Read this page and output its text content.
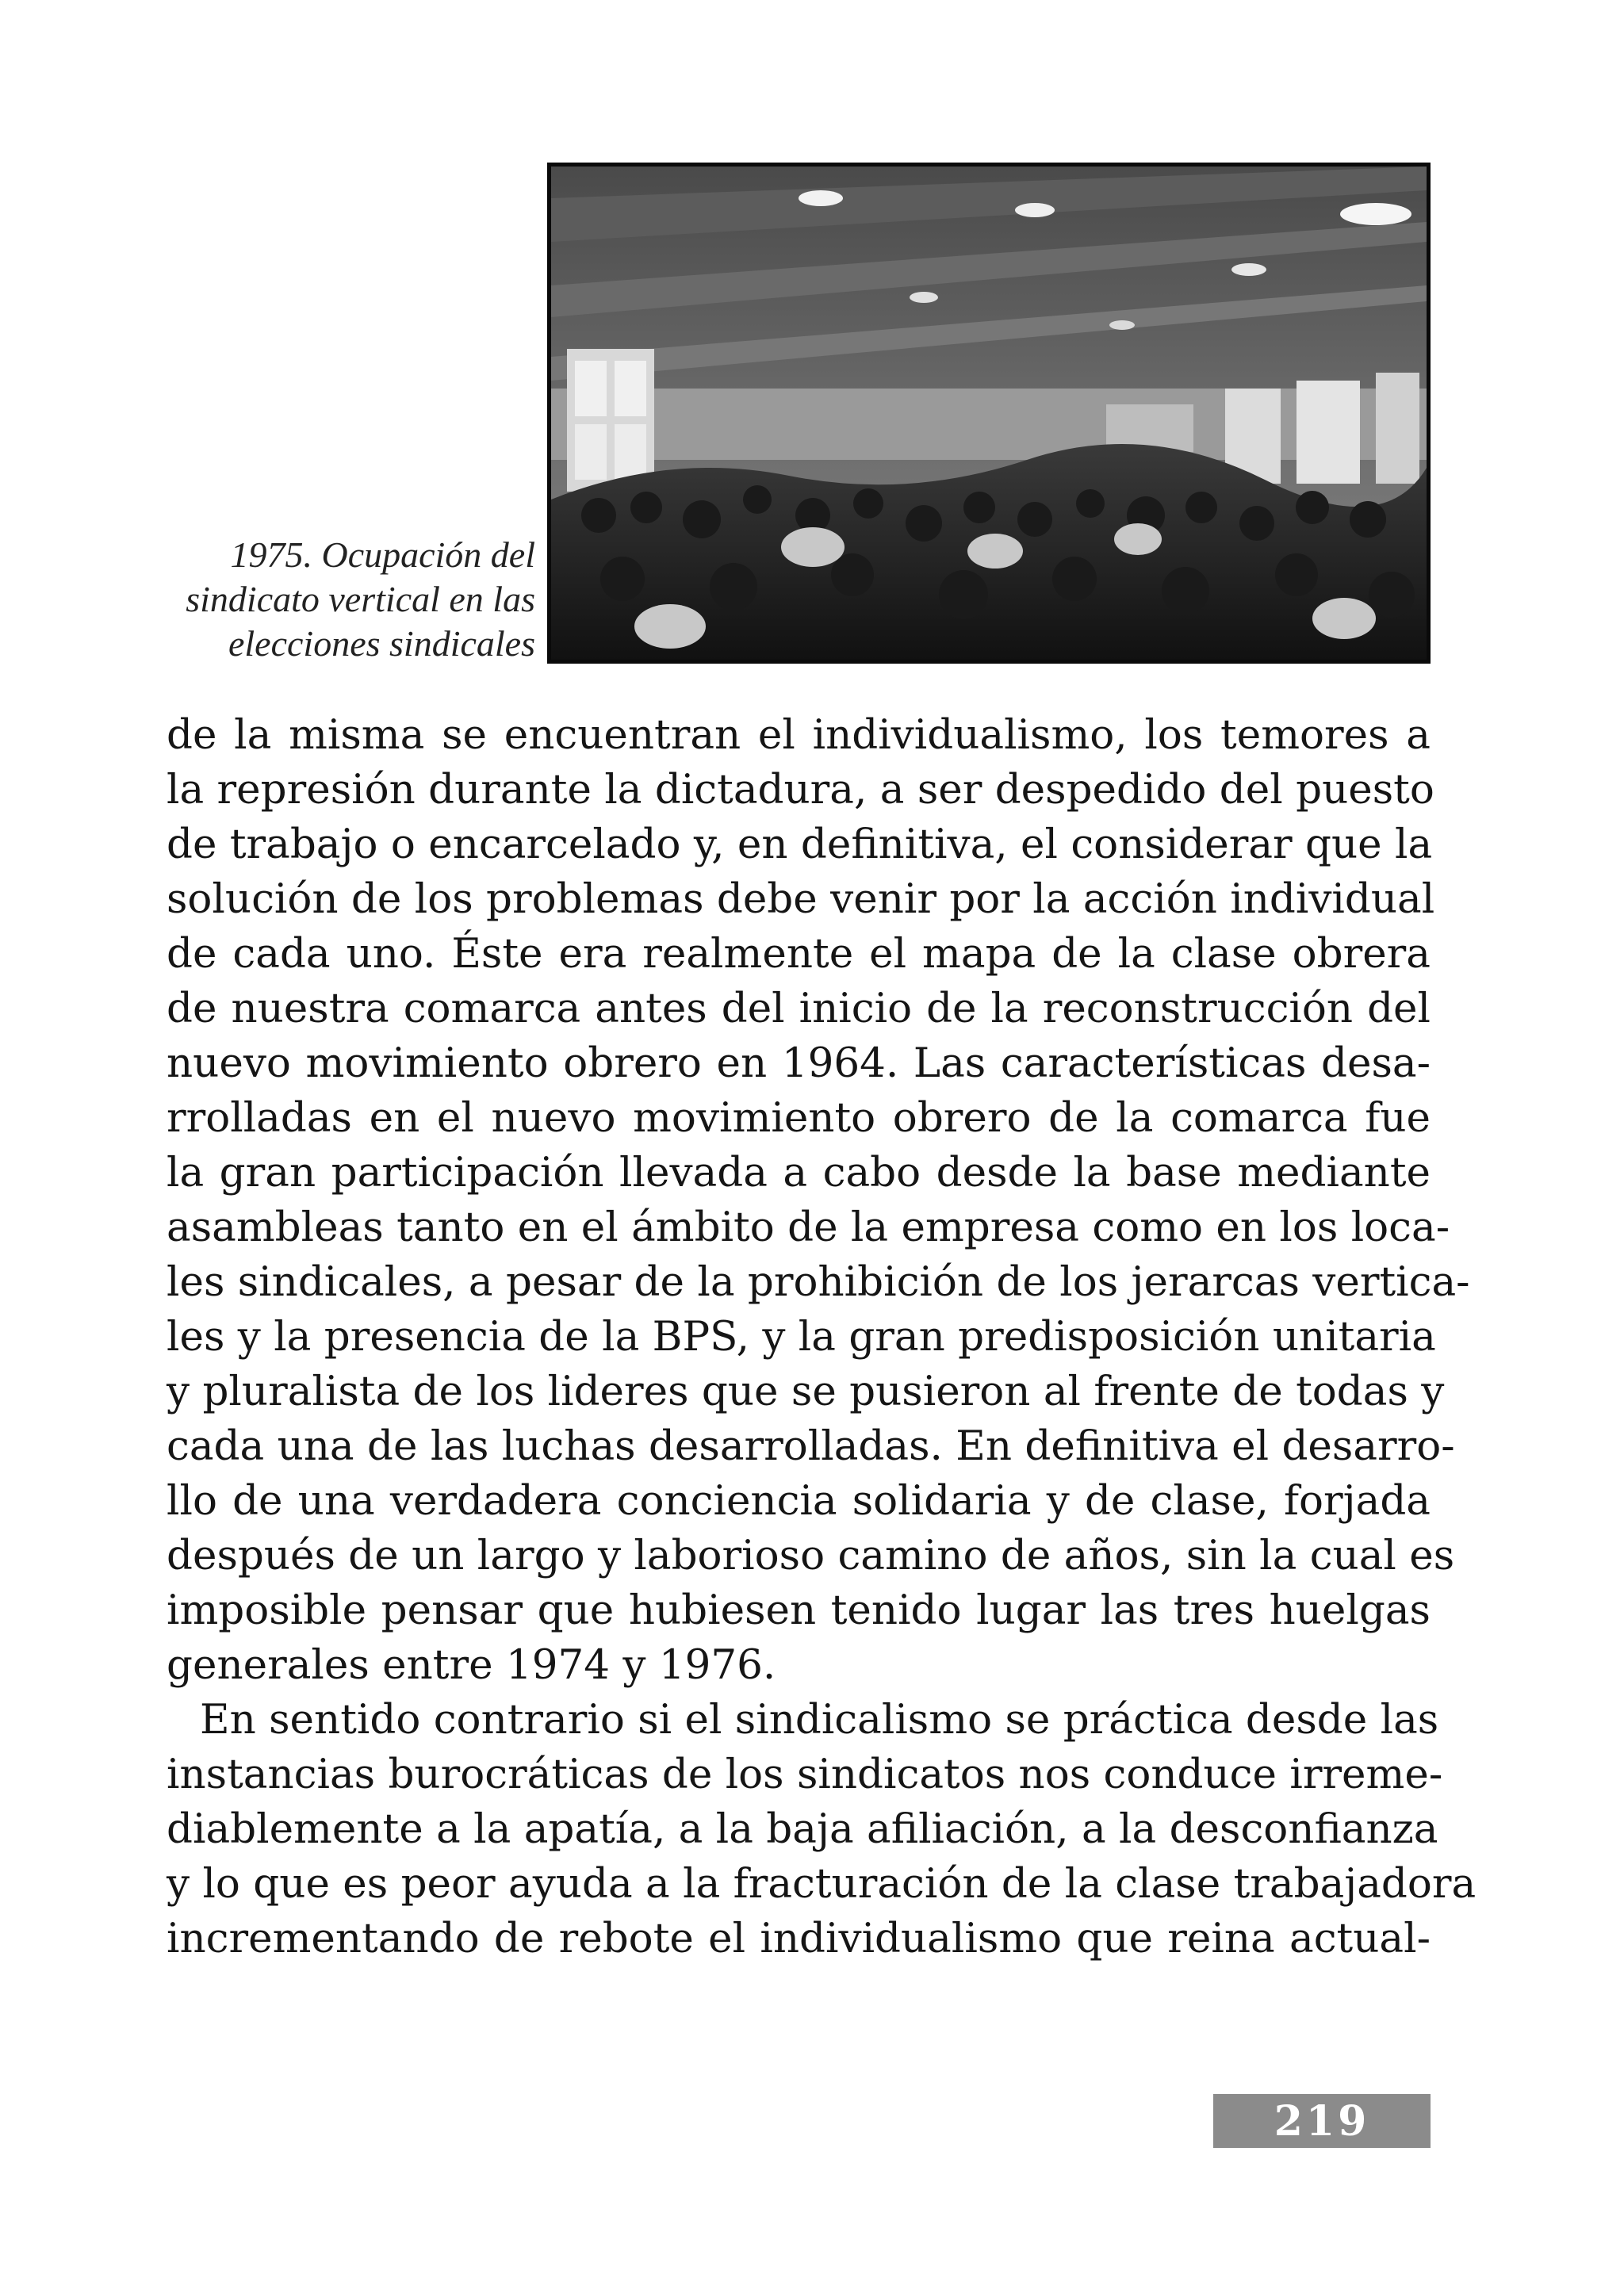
1975. Ocupación del
sindicato vertical en las
elecciones sindicales
de la misma se encuentran el individualismo, los temores a
la represión durante la dictadura, a ser despedido del puesto
de trabajo o encarcelado y, en definitiva, el considerar que la
solución de los problemas debe venir por la acción individual
de cada uno. Éste era realmente el mapa de la clase obrera
de nuestra comarca antes del inicio de la reconstrucción del
nuevo movimiento obrero en 1964. Las características desa-
rrolladas en el nuevo movimiento obrero de la comarca fue
la gran participación llevada a cabo desde la base mediante
asambleas tanto en el ámbito de la empresa como en los loca-
les sindicales, a pesar de la prohibición de los jerarcas vertica-
les y la presencia de la BPS, y la gran predisposición unitaria
y pluralista de los lideres que se pusieron al frente de todas y
cada una de las luchas desarrolladas. En definitiva el desarro-
llo de una verdadera conciencia solidaria y de clase, forjada
después de un largo y laborioso camino de años, sin la cual es
imposible pensar que hubiesen tenido lugar las tres huelgas
generales entre 1974 y 1976.
En sentido contrario si el sindicalismo se práctica desde las
instancias burocráticas de los sindicatos nos conduce irreme-
diablemente a la apatía, a la baja afiliación, a la desconfianza
y lo que es peor ayuda a la fracturación de la clase trabajadora
incrementando de rebote el individualismo que reina actual-
219
